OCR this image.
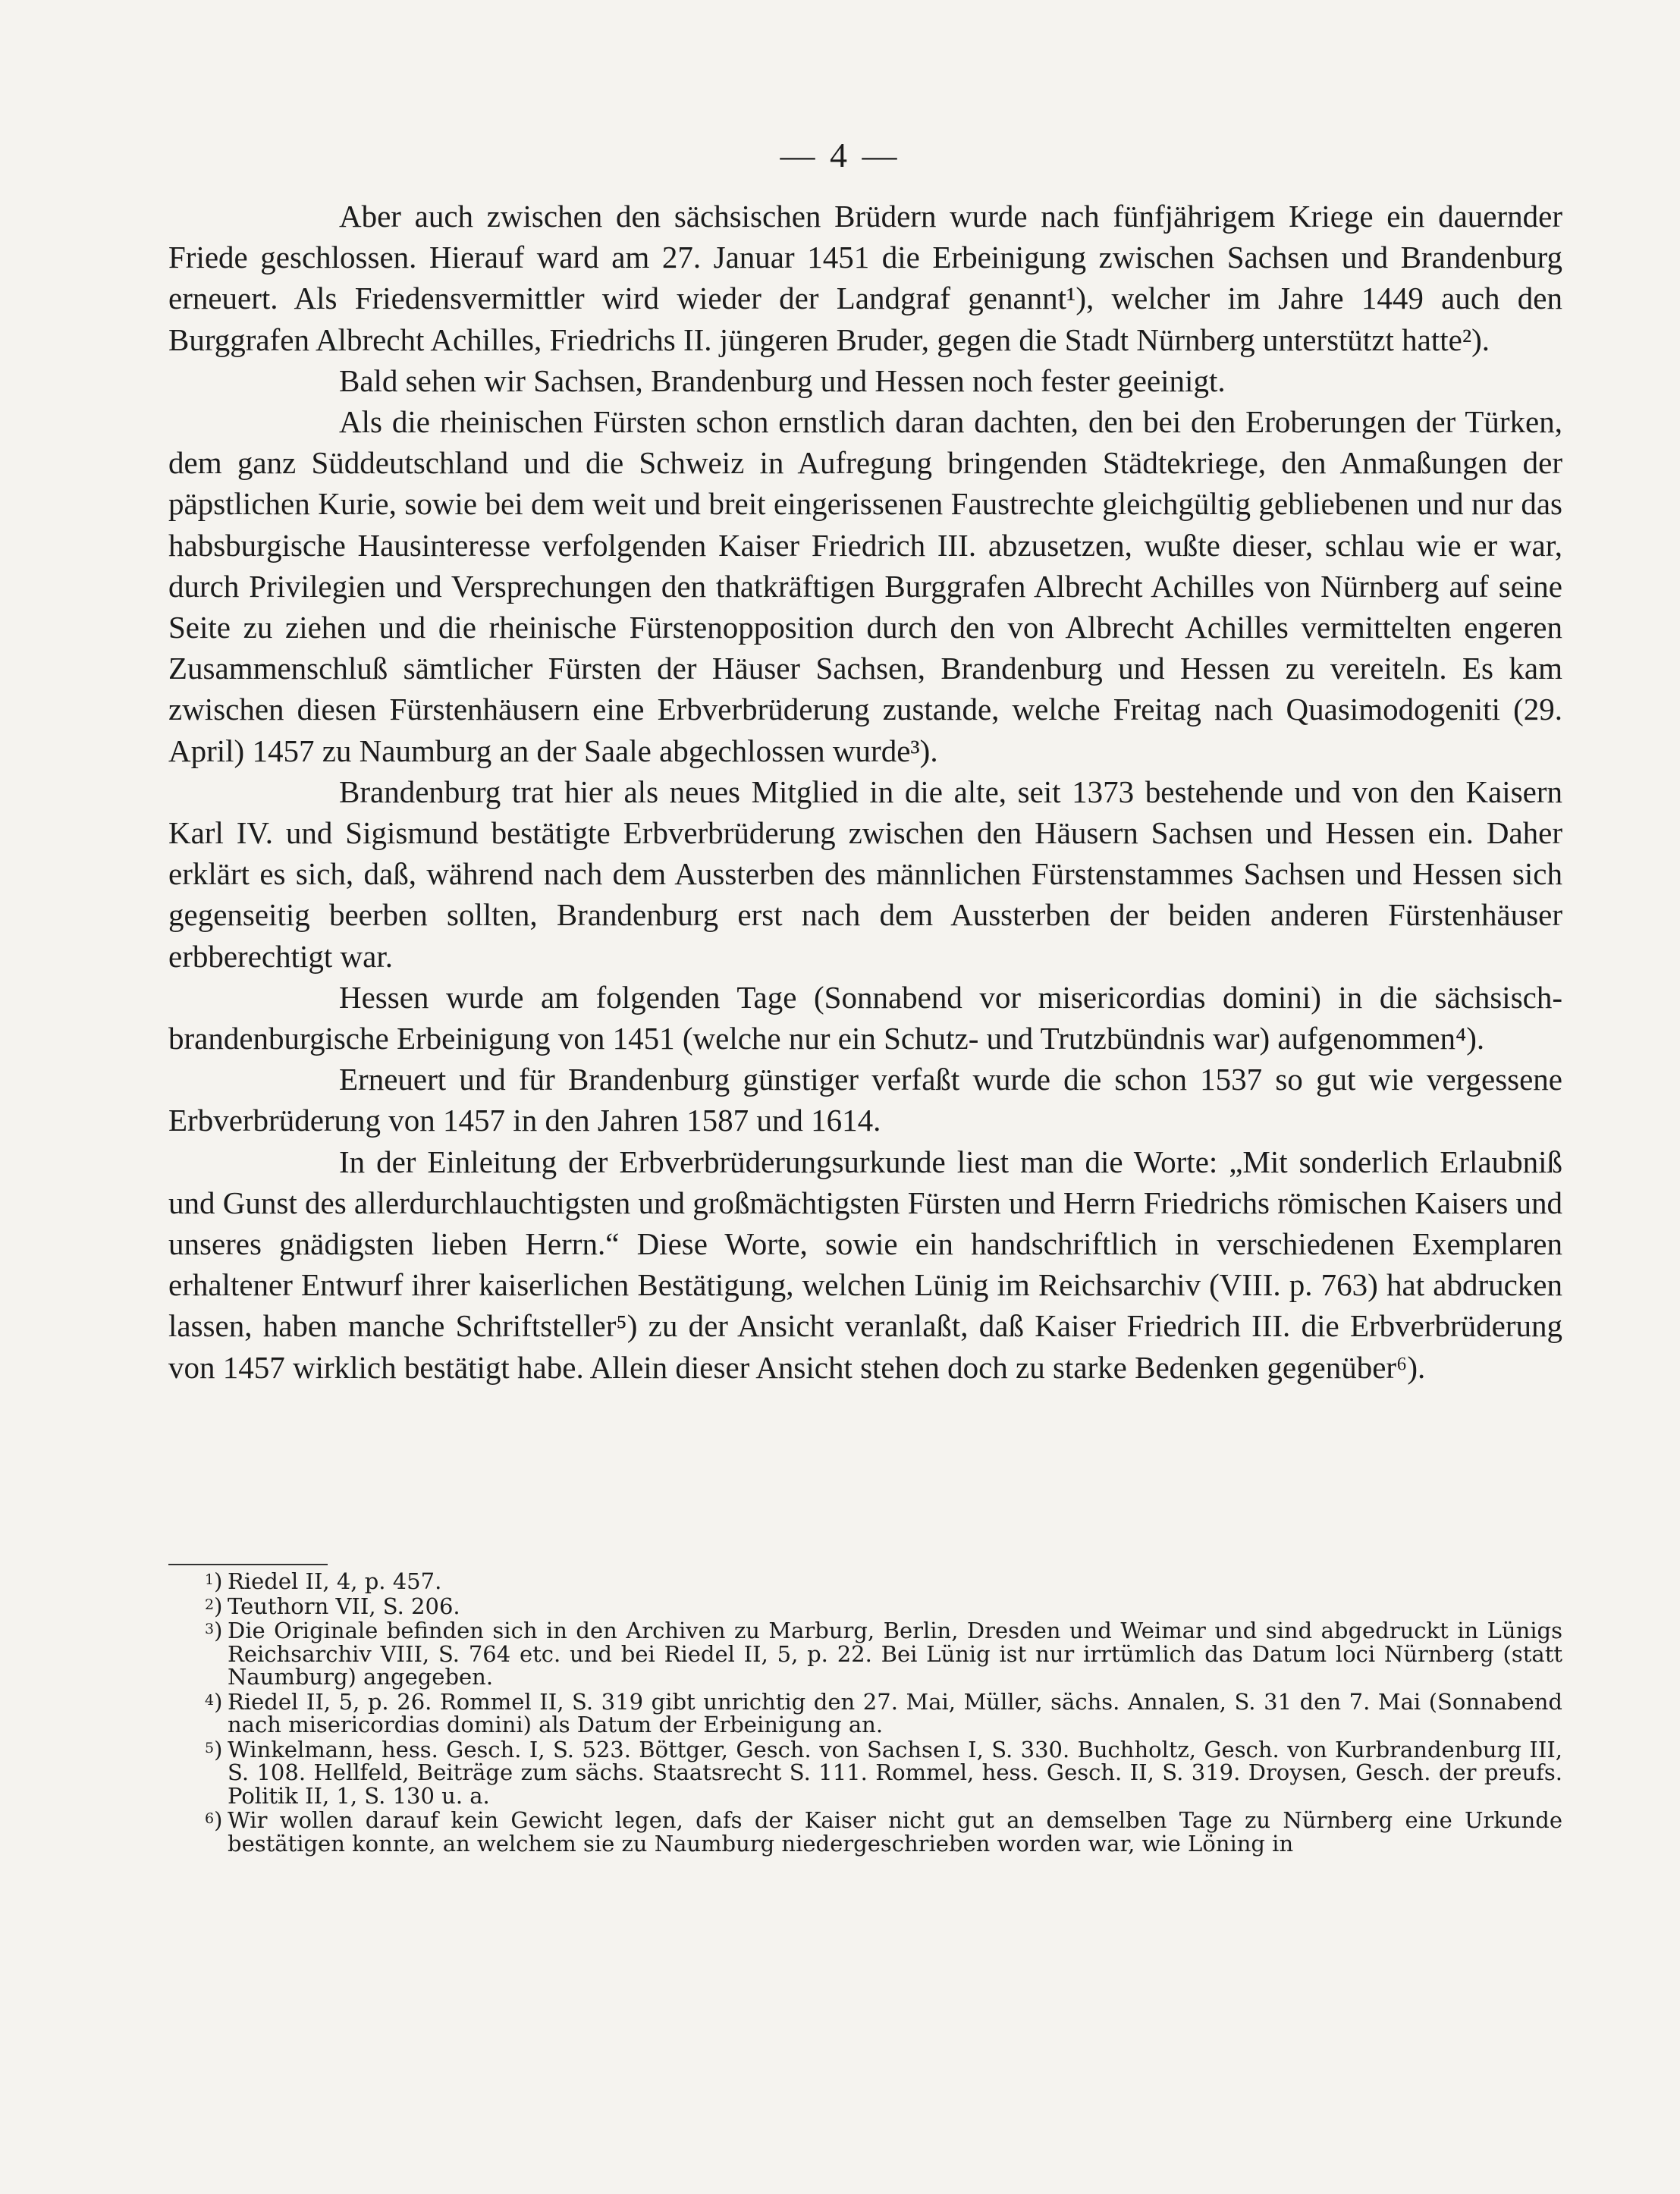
— 4 —

Aber auch zwischen den sächsischen Brüdern wurde nach fünfjährigem Kriege ein dauernder Friede geschlossen. Hierauf ward am 27. Januar 1451 die Erbeinigung zwischen Sachsen und Brandenburg erneuert. Als Friedensvermittler wird wieder der Landgraf genannt¹), welcher im Jahre 1449 auch den Burggrafen Albrecht Achilles, Friedrichs II. jüngeren Bruder, gegen die Stadt Nürnberg unterstützt hatte²).

Bald sehen wir Sachsen, Brandenburg und Hessen noch fester geeinigt.

Als die rheinischen Fürsten schon ernstlich daran dachten, den bei den Eroberungen der Türken, dem ganz Süddeutschland und die Schweiz in Aufregung bringenden Städtekriege, den Anmaßungen der päpstlichen Kurie, sowie bei dem weit und breit eingerissenen Faustrechte gleichgültig gebliebenen und nur das habsburgische Hausinteresse verfolgenden Kaiser Friedrich III. abzusetzen, wußte dieser, schlau wie er war, durch Privilegien und Versprechungen den thatkräftigen Burggrafen Albrecht Achilles von Nürnberg auf seine Seite zu ziehen und die rheinische Fürstenopposition durch den von Albrecht Achilles vermittelten engeren Zusammenschluß sämtlicher Fürsten der Häuser Sachsen, Brandenburg und Hessen zu vereiteln. Es kam zwischen diesen Fürstenhäusern eine Erbverbrüderung zustande, welche Freitag nach Quasimodogeniti (29. April) 1457 zu Naumburg an der Saale abgechlossen wurde³).

Brandenburg trat hier als neues Mitglied in die alte, seit 1373 bestehende und von den Kaisern Karl IV. und Sigismund bestätigte Erbverbrüderung zwischen den Häusern Sachsen und Hessen ein. Daher erklärt es sich, daß, während nach dem Aussterben des männlichen Fürstenstammes Sachsen und Hessen sich gegenseitig beerben sollten, Brandenburg erst nach dem Aussterben der beiden anderen Fürstenhäuser erbberechtigt war.

Hessen wurde am folgenden Tage (Sonnabend vor misericordias domini) in die sächsisch-brandenburgische Erbeinigung von 1451 (welche nur ein Schutz- und Trutzbündnis war) aufgenommen⁴).

Erneuert und für Brandenburg günstiger verfaßt wurde die schon 1537 so gut wie vergessene Erbverbrüderung von 1457 in den Jahren 1587 und 1614.

In der Einleitung der Erbverbrüderungsurkunde liest man die Worte: „Mit sonderlich Erlaubniß und Gunst des allerdurchlauchtigsten und großmächtigsten Fürsten und Herrn Friedrichs römischen Kaisers und unseres gnädigsten lieben Herrn.“ Diese Worte, sowie ein handschriftlich in verschiedenen Exemplaren erhaltener Entwurf ihrer kaiserlichen Bestätigung, welchen Lünig im Reichsarchiv (VIII. p. 763) hat abdrucken lassen, haben manche Schriftsteller⁵) zu der Ansicht veranlaßt, daß Kaiser Friedrich III. die Erbverbrüderung von 1457 wirklich bestätigt habe. Allein dieser Ansicht stehen doch zu starke Bedenken gegenüber⁶).

1 ) Riedel II, 4, p. 457.
2 ) Teuthorn VII, S. 206.
3 ) Die Originale befinden sich in den Archiven zu Marburg, Berlin, Dresden und Weimar und sind abgedruckt in Lünigs Reichsarchiv VIII, S. 764 etc. und bei Riedel II, 5, p. 22. Bei Lünig ist nur irrtümlich das Datum loci Nürnberg (statt Naumburg) angegeben.
4 ) Riedel II, 5, p. 26. Rommel II, S. 319 gibt unrichtig den 27. Mai, Müller, sächs. Annalen, S. 31 den 7. Mai (Sonnabend nach misericordias domini) als Datum der Erbeinigung an.
5 ) Winkelmann, hess. Gesch. I, S. 523. Böttger, Gesch. von Sachsen I, S. 330. Buchholtz, Gesch. von Kurbrandenburg III, S. 108. Hellfeld, Beiträge zum sächs. Staatsrecht S. 111. Rommel, hess. Gesch. II, S. 319. Droysen, Gesch. der preufs. Politik II, 1, S. 130 u. a.
6 ) Wir wollen darauf kein Gewicht legen, dafs der Kaiser nicht gut an demselben Tage zu Nürnberg eine Urkunde bestätigen konnte, an welchem sie zu Naumburg niedergeschrieben worden war, wie Löning in
